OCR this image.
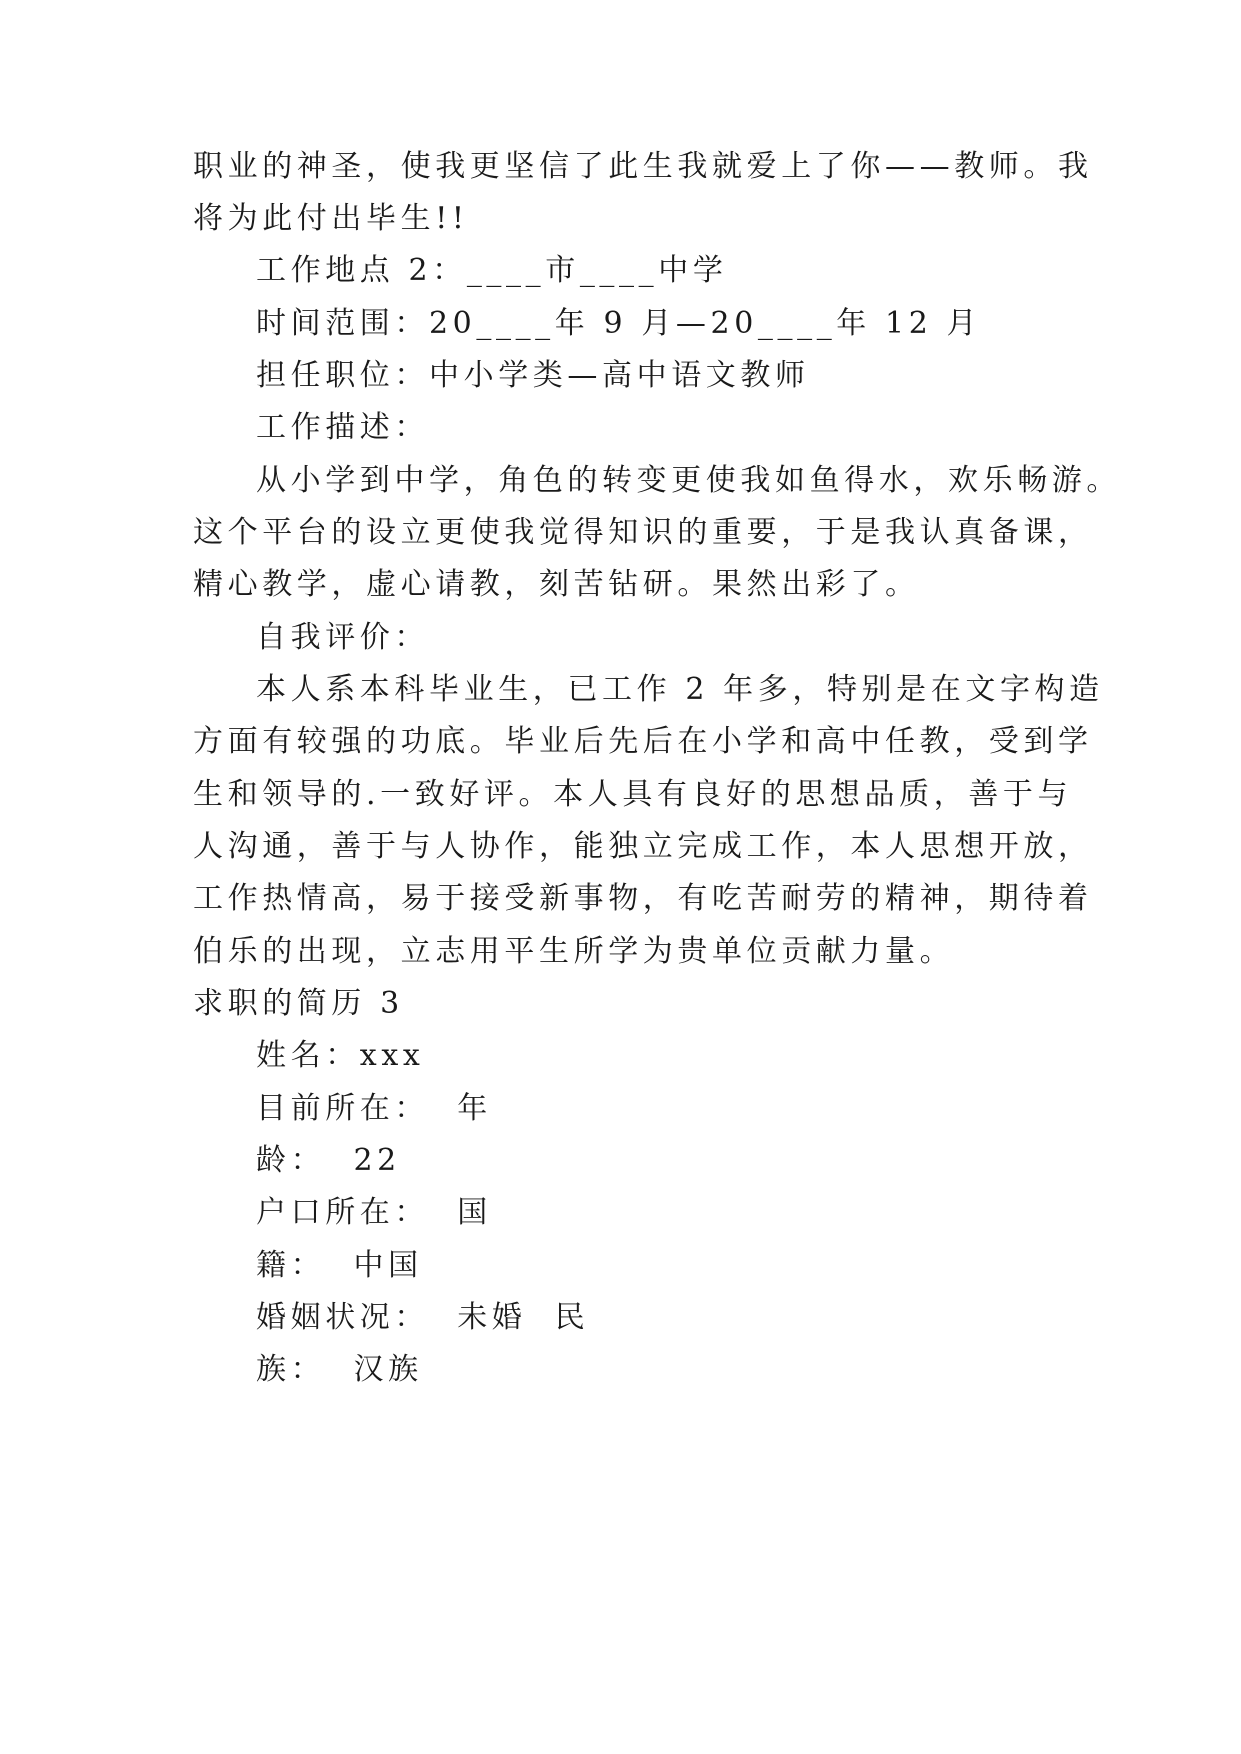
职业的神圣，使我更坚信了此生我就爱上了你——教师。我
将为此付出毕生!!
工作地点 2：____市____中学
时间范围：20____年 9 月—20____年 12 月
担任职位：中小学类—高中语文教师
工作描述：
从小学到中学，角色的转变更使我如鱼得水，欢乐畅游。
这个平台的设立更使我觉得知识的重要，于是我认真备课，
精心教学，虚心请教，刻苦钻研。果然出彩了。
自我评价：
本人系本科毕业生，已工作 2 年多，特别是在文字构造
方面有较强的功底。毕业后先后在小学和高中任教，受到学
生和领导的.一致好评。本人具有良好的思想品质，善于与
人沟通，善于与人协作，能独立完成工作，本人思想开放，
工作热情高，易于接受新事物，有吃苦耐劳的精神，期待着
伯乐的出现，立志用平生所学为贵单位贡献力量。
求职的简历 3
姓名：xxx
目前所在：  年
龄：  22
户口所在：  国
籍：  中国
婚姻状况：  未婚  民
族：  汉族
